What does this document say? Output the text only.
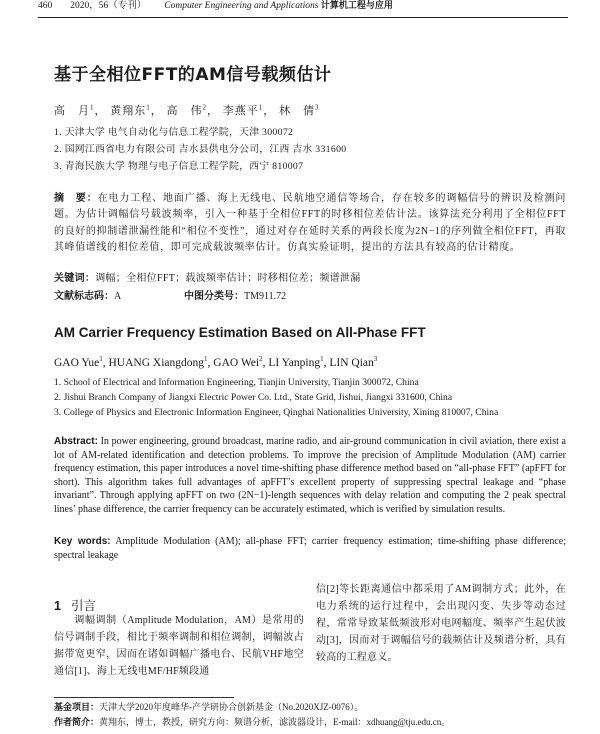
460 2020，56（专刊） Computer Engineering and Applications 计算机工程与应用
基于全相位FFT的AM信号载频估计
高　月$^1$， 黄翔东$^1$， 高　伟$^2$， 李燕平$^1$， 林　倩$^3$
1. 天津大学 电气自动化与信息工程学院，天津 300072
2. 国网江西省电力有限公司 吉水县供电分公司，江西 吉水 331600
3. 青海民族大学 物理与电子信息工程学院，西宁 810007
摘　要：在电力工程、地面广播、海上无线电、民航地空通信等场合，存在较多的调幅信号的辨识及检测问题。为估计调幅信号载波频率，引入一种基于全相位FFT的时移相位差估计法。该算法充分利用了全相位FFT的良好的抑制谱泄漏性能和“相位不变性”，通过对存在延时关系的两段长度为2N−1的序列做全相位FFT，再取其峰值谱线的相位差值，即可完成载波频率估计。仿真实验证明，提出的方法具有较高的估计精度。
关键词：调幅；全相位FFT；载波频率估计；时移相位差；频谱泄漏
文献标志码：A	中图分类号：TM911.72
AM Carrier Frequency Estimation Based on All-Phase FFT
GAO Yue$^1$, HUANG Xiangdong$^1$, GAO Wei$^2$, LI Yanping$^1$, LIN Qian$^3$
1. School of Electrical and Information Engineering, Tianjin University, Tianjin 300072, China
2. Jishui Branch Company of Jiangxi Electric Power Co. Ltd., State Grid, Jishui, Jiangxi 331600, China
3. College of Physics and Electronic Information Engineer, Qinghai Nationalities University, Xining 810007, China
Abstract: In power engineering, ground broadcast, marine radio, and air-ground communication in civil aviation, there exist a lot of AM-related identification and detection problems. To improve the precision of Amplitude Modulation (AM) carrier frequency estimation, this paper introduces a novel time-shifting phase difference method based on “all-phase FFT” (apFFT for short). This algorithm takes full advantages of apFFT’s excellent property of suppressing spectral leakage and “phase invariant”. Through applying apFFT on two (2N−1)-length sequences with delay relation and computing the 2 peak spectral lines’ phase difference, the carrier frequency can be accurately estimated, which is verified by simulation results.
Key words: Amplitude Modulation (AM); all-phase FFT; carrier frequency estimation; time-shifting phase difference; spectral leakage
1 引言
调幅调制（Amplitude Modulation，AM）是常用的信号调制手段，相比于频率调制和相位调制，调幅波占据带宽更窄，因而在诸如调幅广播电台、民航VHF地空通信[1]、海上无线电MF/HF频段通
信[2]等长距离通信中都采用了AM调制方式；此外，在电力系统的运行过程中，会出现闪变、失步等动态过程，常常导致某低频波形对电网幅度、频率产生起伏波动[3]，因而对于调幅信号的载频估计及频谱分析，具有较高的工程意义。
基金项目：天津大学2020年度峰华-产学研协合创新基金（No.2020XJZ-0076）。
作者简介：黄翔东，博士，教授，研究方向：频谱分析，滤波器设计，E-mail：xdhuang@tju.edu.cn。
